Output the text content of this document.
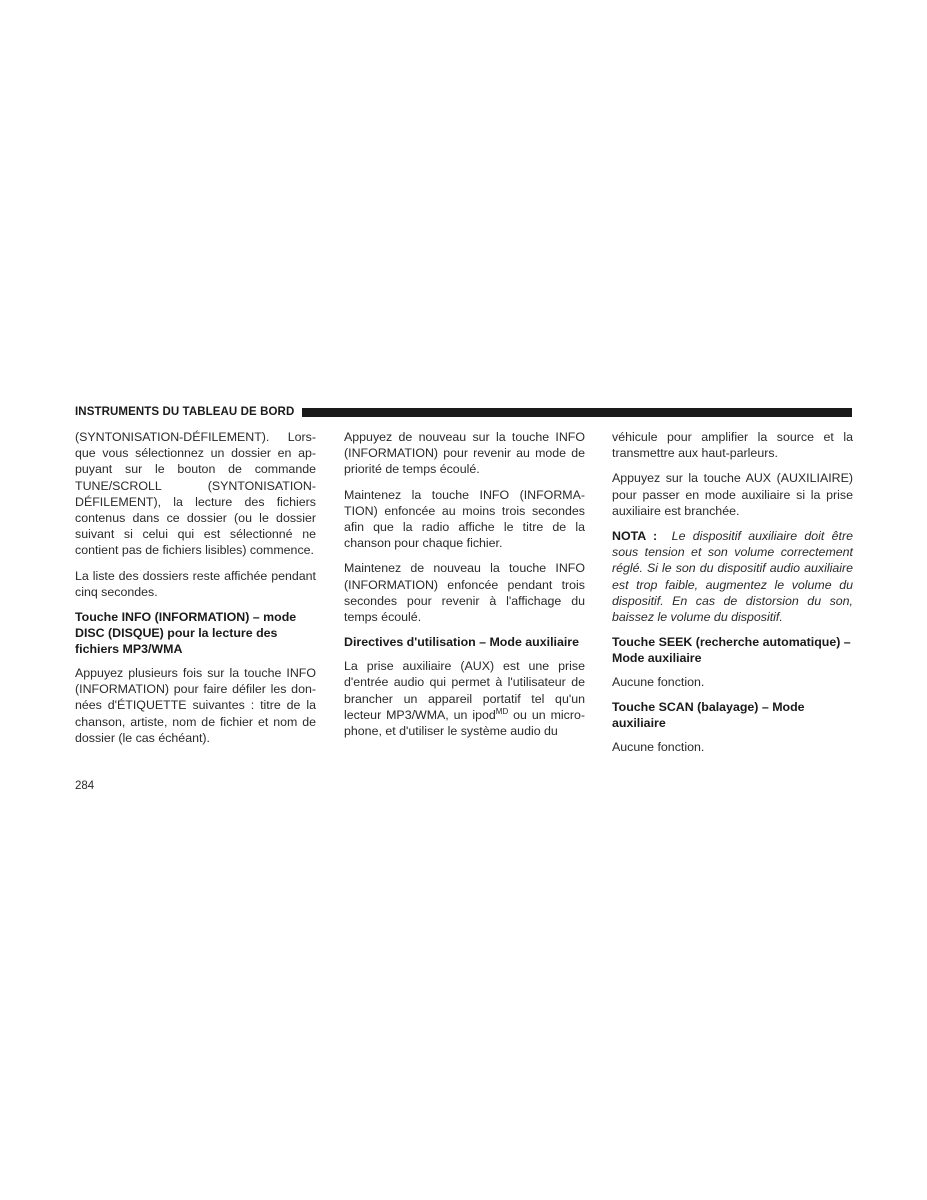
INSTRUMENTS DU TABLEAU DE BORD

(SYNTONISATION-DÉFILEMENT). Lorsque vous sélectionnez un dossier en appuyant sur le bouton de commande TUNE/SCROLL (SYNTONISATION-DÉFILEMENT), la lecture des fichiers contenus dans ce dossier (ou le dossier suivant si celui qui est sélectionné ne contient pas de fichiers lisibles) commence.

La liste des dossiers reste affichée pendant cinq secondes.

Touche INFO (INFORMATION) – mode DISC (DISQUE) pour la lecture des fichiers MP3/WMA

Appuyez plusieurs fois sur la touche INFO (INFORMATION) pour faire défiler les données d'ÉTIQUETTE suivantes : titre de la chanson, artiste, nom de fichier et nom de dossier (le cas échéant).

Appuyez de nouveau sur la touche INFO (INFORMATION) pour revenir au mode de priorité de temps écoulé.

Maintenez la touche INFO (INFORMATION) enfoncée au moins trois secondes afin que la radio affiche le titre de la chanson pour chaque fichier.

Maintenez de nouveau la touche INFO (INFORMATION) enfoncée pendant trois secondes pour revenir à l'affichage du temps écoulé.

Directives d'utilisation – Mode auxiliaire

La prise auxiliaire (AUX) est une prise d'entrée audio qui permet à l'utilisateur de brancher un appareil portatif tel qu'un lecteur MP3/WMA, un ipod$^{MD}$ ou un microphone, et d'utiliser le système audio du

véhicule pour amplifier la source et la transmettre aux haut-parleurs.

Appuyez sur la touche AUX (AUXILIAIRE) pour passer en mode auxiliaire si la prise auxiliaire est branchée.

NOTA : Le dispositif auxiliaire doit être sous tension et son volume correctement réglé. Si le son du dispositif audio auxiliaire est trop faible, augmentez le volume du dispositif. En cas de distorsion du son, baissez le volume du dispositif.

Touche SEEK (recherche automatique) – Mode auxiliaire

Aucune fonction.

Touche SCAN (balayage) – Mode auxiliaire

Aucune fonction.

284
